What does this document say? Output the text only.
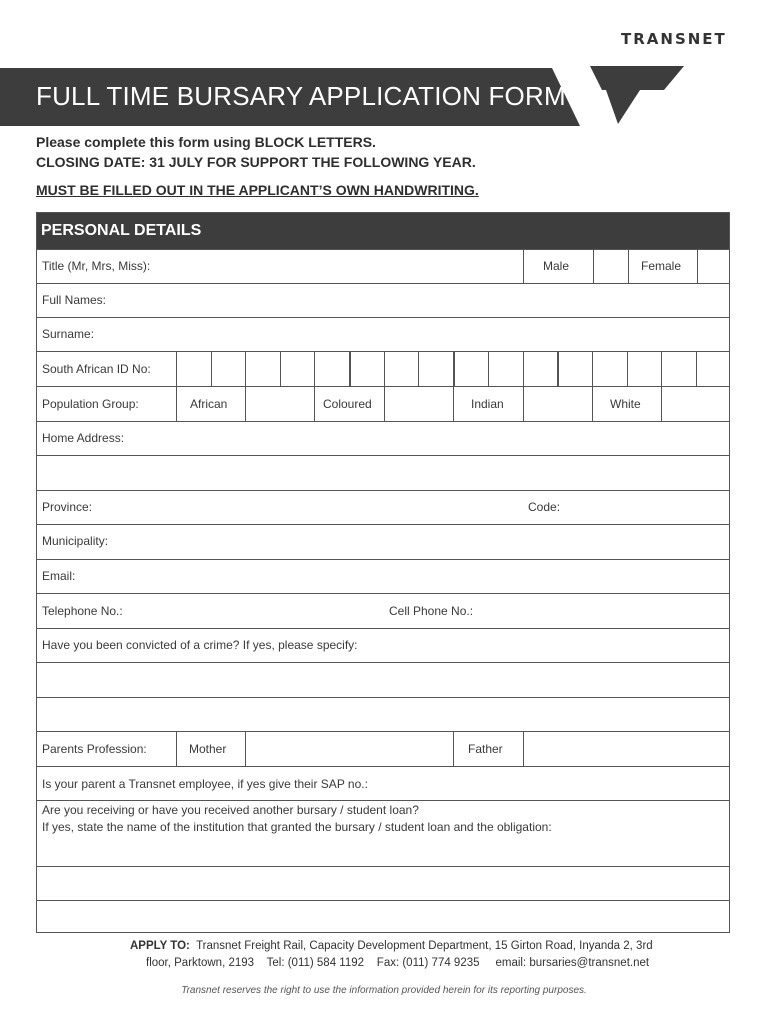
TRANSNET
FULL TIME BURSARY APPLICATION FORM
Please complete this form using BLOCK LETTERS.
CLOSING DATE: 31 JULY FOR SUPPORT THE FOLLOWING YEAR.
MUST BE FILLED OUT IN THE APPLICANT’S OWN HANDWRITING.
PERSONAL DETAILS
Title (Mr, Mrs, Miss):	Male	Female
Full Names:
Surname:
South African ID No:
Population Group:	African	Coloured	Indian	White
Home Address:
Province:	Code:
Municipality:
Email:
Telephone No.:	Cell Phone No.:
Have you been convicted of a crime? If yes, please specify:
Parents Profession:	Mother	Father
Is your parent a Transnet employee, if yes give their SAP no.:
Are you receiving or have you received another bursary / student loan?
If yes, state the name of the institution that granted the bursary / student loan and the obligation:
APPLY TO: Transnet Freight Rail, Capacity Development Department, 15 Girton Road, Inyanda 2, 3rd
floor, Parktown, 2193 Tel: (011) 584 1192 Fax: (011) 774 9235 email: bursaries@transnet.net
Transnet reserves the right to use the information provided herein for its reporting purposes.
